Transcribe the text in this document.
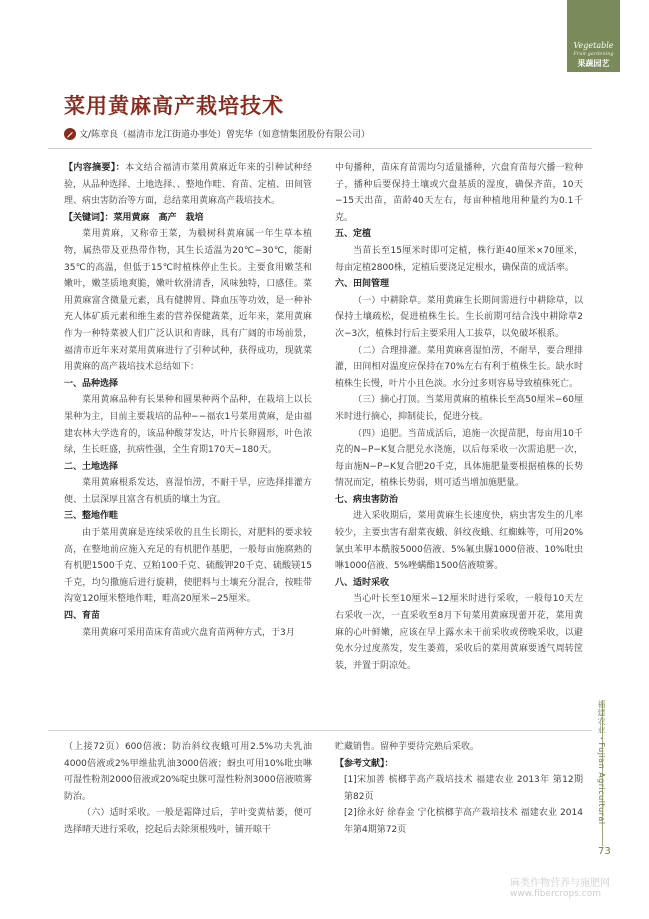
Vegetable
Fruit gardening
果蔬园艺
菜用黄麻高产栽培技术
文/陈章良（福清市龙江街道办事处）曾宪华（如意情集团股份有限公司）

【内容摘要】：本文结合福清市菜用黄麻近年来的引种试种经验，从品种选择、土地选择、、整地作畦、育苗、定植、田间管理、病虫害防治等方面，总结菜用黄麻高产栽培技术。

【关键词】：菜用黄麻　高产　栽培

菜用黄麻，又称帝王菜，为椴树科黄麻属一年生草本植物，属热带及亚热带作物，其生长适温为20℃−30℃，能耐35℃的高温，但低于15℃时植株停止生长。主要食用嫩茎和嫩叶，嫩茎质地爽脆，嫩叶软滑清香，风味独特，口感佳。菜用黄麻富含微量元素，具有健脾胃、降血压等功效，是一种补充人体矿质元素和维生素的营养保健蔬菜，近年来，菜用黄麻作为一种特菜被人们广泛认识和青睐，具有广阔的市场前景，福清市近年来对菜用黄麻进行了引种试种，获得成功，现就菜用黄麻的高产栽培技术总结如下：

一、品种选择

菜用黄麻品种有长果种和圆果种两个品种，在栽培上以长果种为主，目前主要栽培的品种−−福农1号菜用黄麻，是由福建农林大学选育的，该品种酸芽发达，叶片长卵圆形，叶色浓绿，生长旺盛，抗病性强，全生育期170天−180天。

二、土地选择

菜用黄麻根系发达，喜湿怕涝，不耐干旱，应选择排灌方便、土层深厚且富含有机质的壤土为宜。

三、整地作畦

由于菜用黄麻是连续采收的且生长期长，对肥料的要求较高，在整地前应施入充足的有机肥作基肥，一般每亩施腐熟的有机肥1500千克、豆粕100千克、硫酸钾20千克、硫酸镁15千克，均匀撒施后进行旋耕，使肥料与土壤充分混合，按畦带沟宽120厘米整地作畦，畦高20厘米−25厘米。

四、育苗

菜用黄麻可采用苗床育苗或穴盘育苗两种方式，于3月

中旬播种，苗床育苗需均匀适量播种，穴盘育苗每穴播一粒种子，播种后要保持土壤或穴盘基质的湿度，确保齐苗，10天−15天出苗，苗龄40天左右，每亩种植地用种量约为0.1千克。

五、定植

当苗长至15厘米时即可定植，株行距40厘米×70厘米，每亩定植2800株，定植后要浇足定根水，确保苗的成活率。

六、田间管理

（一）中耕除草。菜用黄麻生长期间需进行中耕除草，以保持土壤疏松，促进植株生长。生长前期可结合浅中耕除草2次−3次，植株封行后主要采用人工拔草，以免破坏根系。

（二）合理排灌。菜用黄麻喜湿怕涝，不耐旱，要合理排灌，田间相对温度应保持在70%左右有利于植株生长。缺水时植株生长慢，叶片小且色淡。水分过多则容易导致植株死亡。

（三）摘心打顶。当菜用黄麻的植株长至高50厘米−60厘米时进行摘心，抑制徒长，促进分枝。

（四）追肥。当苗成活后，追施一次提苗肥，每亩用10千克的N−P−K复合肥兑水浇施，以后每采收一次需追肥一次，每亩施N−P−K复合肥20千克，具体施肥量要根据植株的长势情况而定，植株长势弱，则可适当增加施肥量。

七、病虫害防治

进入采收期后，菜用黄麻生长速度快，病虫害发生的几率较少，主要虫害有甜菜夜蛾、斜纹夜蛾、红蜘蛛等，可用20%氯虫苯甲本酰胺5000倍液、5%氟虫脲1000倍液、10%吡虫啉1000倍液、5%唑螨酯1500倍液喷雾。

八、适时采收

当心叶长至10厘米−12厘米时进行采收，一般每10天左右采收一次，一直采收至8月下旬菜用黄麻现蕾开花，菜用黄麻的心叶鲜嫩，应该在早上露水未干前采收或傍晚采收，以避免水分过度蒸发，发生萎蔫，采收后的菜用黄麻要透气周转筐装，并置于阴凉处。

（上接72页）600倍液；防治斜纹夜蛾可用2.5%功夫乳油4000倍液或2%甲维盐乳油3000倍液；蚜虫可用10%吡虫啉可湿性粉剂2000倍液或20%啶虫脒可湿性粉剂3000倍液喷雾防治。

（六）适时采收。一般是霜降过后，芋叶变黄枯萎，便可选择晴天进行采收，挖起后去除须根残叶，铺开晾干

贮藏销售。留种芋要待完熟后采收。

【参考文献】：

[1]宋加善 槟榔芋高产栽培技术 福建农业 2013年 第12期 第82页

[2]徐永好 徐春金 宁化槟榔芋高产栽培技术 福建农业 2014年第4期第72页

福建农业・Fujian Agricultural
73
麻类作物营养与施肥网
www.fibercrops.com
